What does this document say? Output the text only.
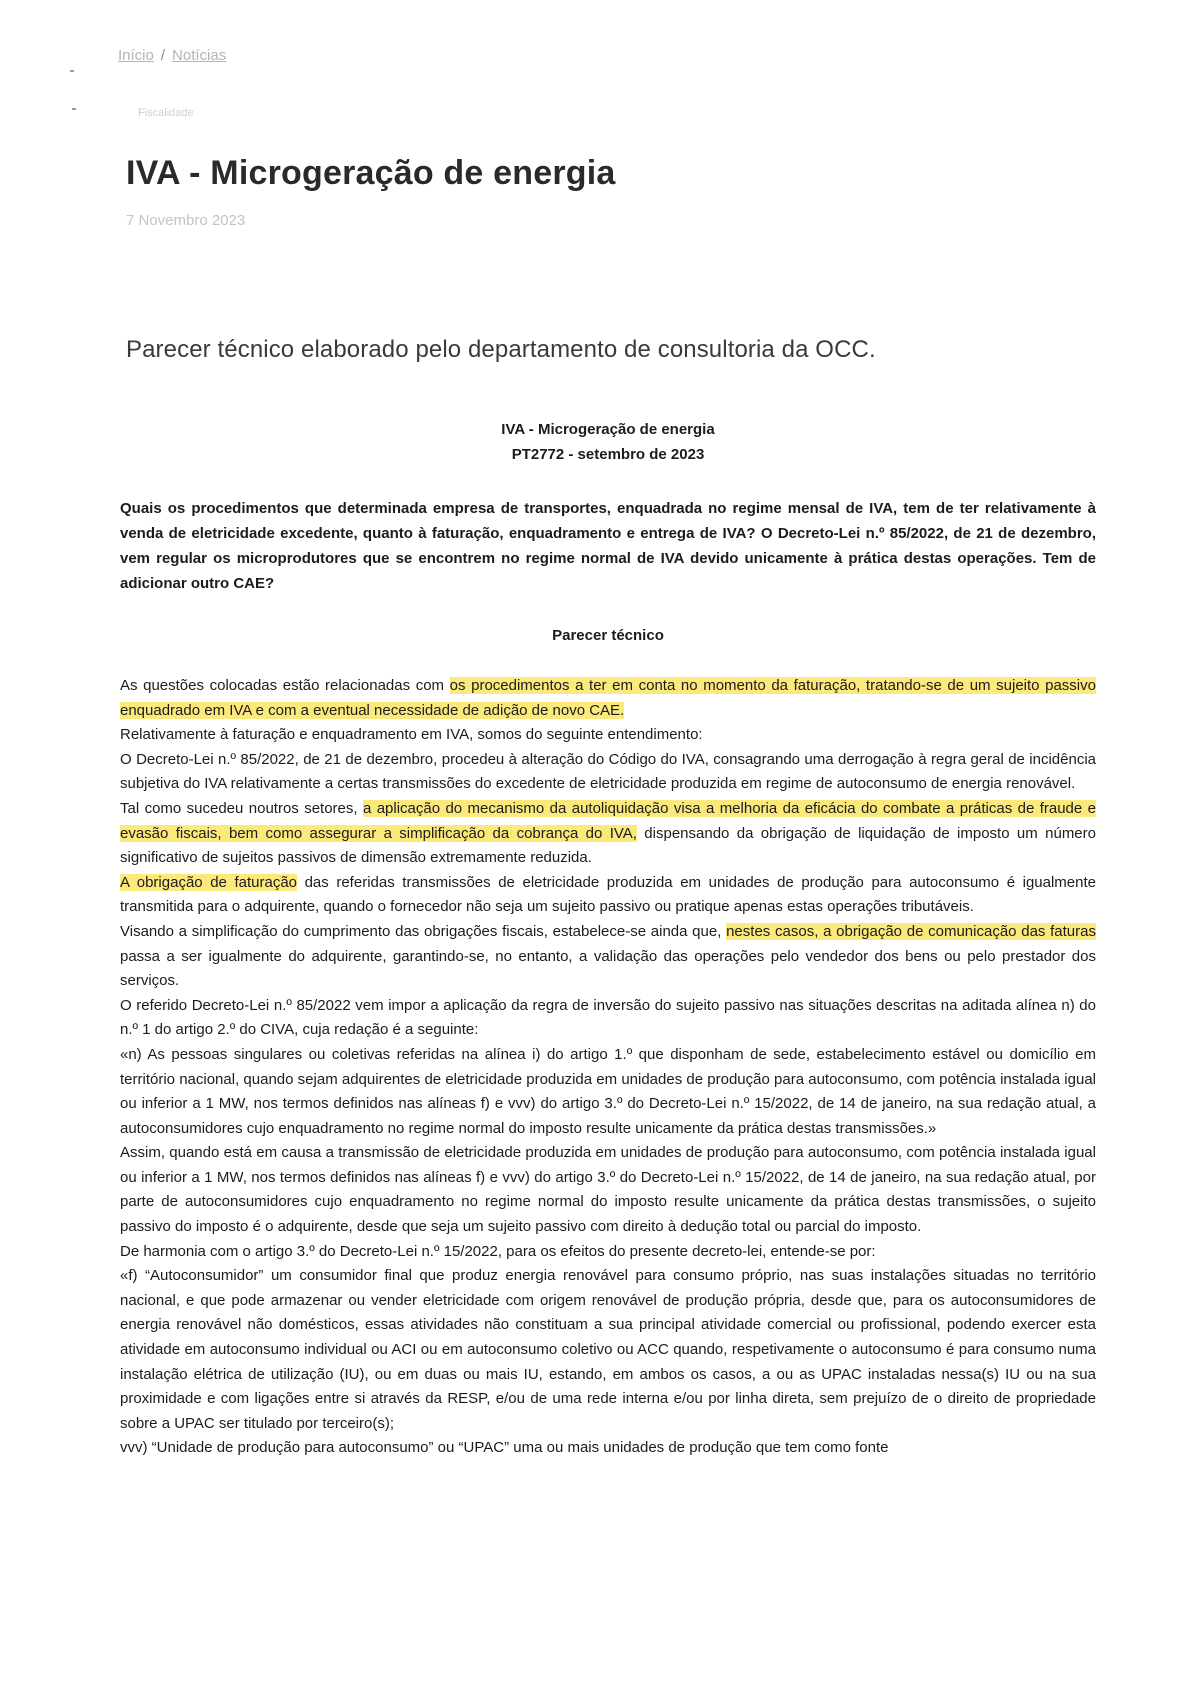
Início / Notícias
Fiscalidade
IVA - Microgeração de energia
7 Novembro 2023
Parecer técnico elaborado pelo departamento de consultoria da OCC.
IVA - Microgeração de energia
PT2772 - setembro de 2023

Quais os procedimentos que determinada empresa de transportes, enquadrada no regime mensal de IVA, tem de ter relativamente à venda de eletricidade excedente, quanto à faturação, enquadramento e entrega de IVA? O Decreto-Lei n.º 85/2022, de 21 de dezembro, vem regular os microprodutores que se encontrem no regime normal de IVA devido unicamente à prática destas operações. Tem de adicionar outro CAE?

Parecer técnico

As questões colocadas estão relacionadas com os procedimentos a ter em conta no momento da faturação, tratando-se de um sujeito passivo enquadrado em IVA e com a eventual necessidade de adição de novo CAE.

Relativamente à faturação e enquadramento em IVA, somos do seguinte entendimento:

O Decreto-Lei n.º 85/2022, de 21 de dezembro, procedeu à alteração do Código do IVA, consagrando uma derrogação à regra geral de incidência subjetiva do IVA relativamente a certas transmissões do excedente de eletricidade produzida em regime de autoconsumo de energia renovável.

Tal como sucedeu noutros setores, a aplicação do mecanismo da autoliquidação visa a melhoria da eficácia do combate a práticas de fraude e evasão fiscais, bem como assegurar a simplificação da cobrança do IVA, dispensando da obrigação de liquidação de imposto um número significativo de sujeitos passivos de dimensão extremamente reduzida.

A obrigação de faturação das referidas transmissões de eletricidade produzida em unidades de produção para autoconsumo é igualmente transmitida para o adquirente, quando o fornecedor não seja um sujeito passivo ou pratique apenas estas operações tributáveis.

Visando a simplificação do cumprimento das obrigações fiscais, estabelece-se ainda que, nestes casos, a obrigação de comunicação das faturas passa a ser igualmente do adquirente, garantindo-se, no entanto, a validação das operações pelo vendedor dos bens ou pelo prestador dos serviços.

O referido Decreto-Lei n.º 85/2022 vem impor a aplicação da regra de inversão do sujeito passivo nas situações descritas na aditada alínea n) do n.º 1 do artigo 2.º do CIVA, cuja redação é a seguinte:

«n) As pessoas singulares ou coletivas referidas na alínea i) do artigo 1.º que disponham de sede, estabelecimento estável ou domicílio em território nacional, quando sejam adquirentes de eletricidade produzida em unidades de produção para autoconsumo, com potência instalada igual ou inferior a 1 MW, nos termos definidos nas alíneas f) e vvv) do artigo 3.º do Decreto-Lei n.º 15/2022, de 14 de janeiro, na sua redação atual, a autoconsumidores cujo enquadramento no regime normal do imposto resulte unicamente da prática destas transmissões.»

Assim, quando está em causa a transmissão de eletricidade produzida em unidades de produção para autoconsumo, com potência instalada igual ou inferior a 1 MW, nos termos definidos nas alíneas f) e vvv) do artigo 3.º do Decreto-Lei n.º 15/2022, de 14 de janeiro, na sua redação atual, por parte de autoconsumidores cujo enquadramento no regime normal do imposto resulte unicamente da prática destas transmissões, o sujeito passivo do imposto é o adquirente, desde que seja um sujeito passivo com direito à dedução total ou parcial do imposto.

De harmonia com o artigo 3.º do Decreto-Lei n.º 15/2022, para os efeitos do presente decreto-lei, entende-se por:

«f) “Autoconsumidor” um consumidor final que produz energia renovável para consumo próprio, nas suas instalações situadas no território nacional, e que pode armazenar ou vender eletricidade com origem renovável de produção própria, desde que, para os autoconsumidores de energia renovável não domésticos, essas atividades não constituam a sua principal atividade comercial ou profissional, podendo exercer esta atividade em autoconsumo individual ou ACI ou em autoconsumo coletivo ou ACC quando, respetivamente o autoconsumo é para consumo numa instalação elétrica de utilização (IU), ou em duas ou mais IU, estando, em ambos os casos, a ou as UPAC instaladas nessa(s) IU ou na sua proximidade e com ligações entre si através da RESP, e/ou de uma rede interna e/ou por linha direta, sem prejuízo de o direito de propriedade sobre a UPAC ser titulado por terceiro(s);

vvv) “Unidade de produção para autoconsumo” ou “UPAC” uma ou mais unidades de produção que tem como fonte
